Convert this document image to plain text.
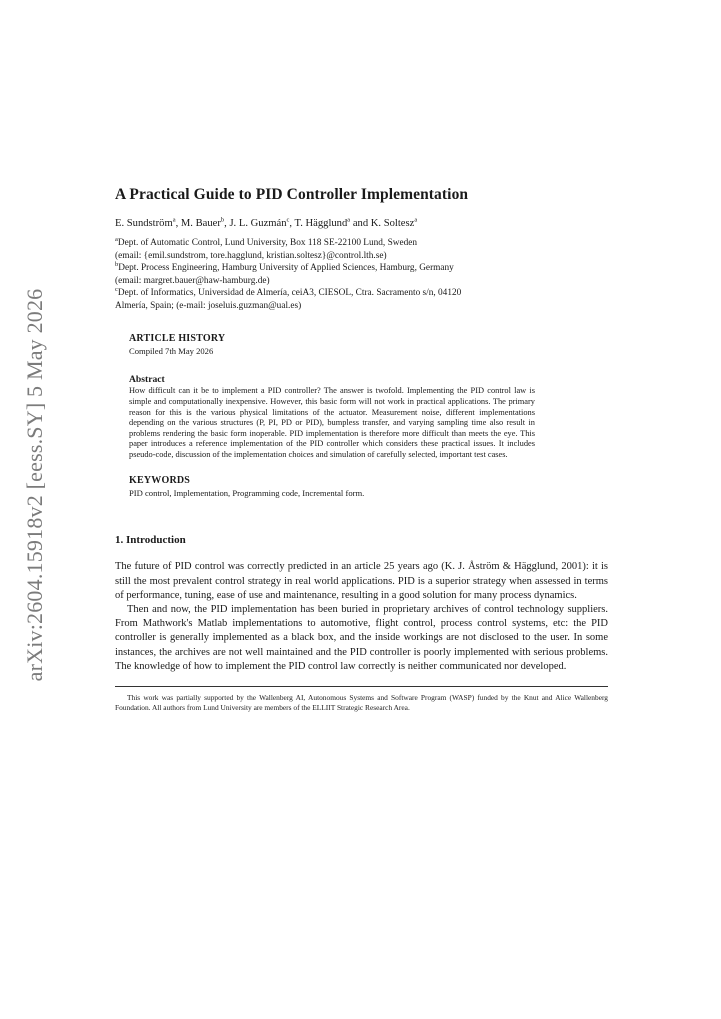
arXiv:2604.15918v2 [eess.SY] 5 May 2026
A Practical Guide to PID Controller Implementation

E. Sundström$^a$, M. Bauer$^b$, J. L. Guzmán$^c$, T. Hägglund$^a$ and K. Soltesz$^a$

$^a$Dept. of Automatic Control, Lund University, Box 118 SE-22100 Lund, Sweden
(email: {emil.sundstrom, tore.hagglund, kristian.soltesz}@control.lth.se)
$^b$Dept. Process Engineering, Hamburg University of Applied Sciences, Hamburg, Germany
(email: margret.bauer@haw-hamburg.de)
$^c$Dept. of Informatics, Universidad de Almería, ceiA3, CIESOL, Ctra. Sacramento s/n, 04120
Almería, Spain; (e-mail: joseluis.guzman@ual.es)

ARTICLE HISTORY

Compiled 7th May 2026

Abstract

How difficult can it be to implement a PID controller? The answer is twofold. Implementing the PID control law is simple and computationally inexpensive. However, this basic form will not work in practical applications. The primary reason for this is the various physical limitations of the actuator. Measurement noise, different implementations depending on the various structures (P, PI, PD or PID), bumpless transfer, and varying sampling time also result in problems rendering the basic form inoperable. PID implementation is therefore more difficult than meets the eye. This paper introduces a reference implementation of the PID controller which considers these practical issues. It includes pseudo-code, discussion of the implementation choices and simulation of carefully selected, important test cases.

KEYWORDS

PID control, Implementation, Programming code, Incremental form.

1. Introduction

The future of PID control was correctly predicted in an article 25 years ago (K. J. Åström & Hägglund, 2001): it is still the most prevalent control strategy in real world applications. PID is a superior strategy when assessed in terms of performance, tuning, ease of use and maintenance, resulting in a good solution for many process dynamics.

Then and now, the PID implementation has been buried in proprietary archives of control technology suppliers. From Mathwork's Matlab implementations to automotive, flight control, process control systems, etc: the PID controller is generally implemented as a black box, and the inside workings are not disclosed to the user. In some instances, the archives are not well maintained and the PID controller is poorly implemented with serious problems. The knowledge of how to implement the PID control law correctly is neither communicated nor developed.

This work was partially supported by the Wallenberg AI, Autonomous Systems and Software Program (WASP) funded by the Knut and Alice Wallenberg Foundation. All authors from Lund University are members of the ELLIIT Strategic Research Area.
